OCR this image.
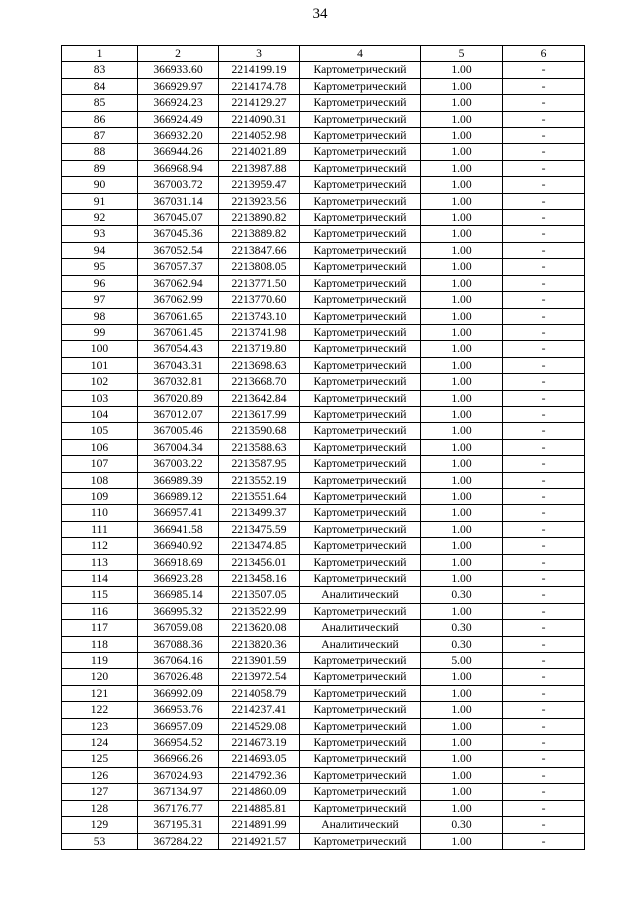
34
1	2	3	4	5	6
83	366933.60	2214199.19	Картометрический	1.00	-
84	366929.97	2214174.78	Картометрический	1.00	-
85	366924.23	2214129.27	Картометрический	1.00	-
86	366924.49	2214090.31	Картометрический	1.00	-
87	366932.20	2214052.98	Картометрический	1.00	-
88	366944.26	2214021.89	Картометрический	1.00	-
89	366968.94	2213987.88	Картометрический	1.00	-
90	367003.72	2213959.47	Картометрический	1.00	-
91	367031.14	2213923.56	Картометрический	1.00	-
92	367045.07	2213890.82	Картометрический	1.00	-
93	367045.36	2213889.82	Картометрический	1.00	-
94	367052.54	2213847.66	Картометрический	1.00	-
95	367057.37	2213808.05	Картометрический	1.00	-
96	367062.94	2213771.50	Картометрический	1.00	-
97	367062.99	2213770.60	Картометрический	1.00	-
98	367061.65	2213743.10	Картометрический	1.00	-
99	367061.45	2213741.98	Картометрический	1.00	-
100	367054.43	2213719.80	Картометрический	1.00	-
101	367043.31	2213698.63	Картометрический	1.00	-
102	367032.81	2213668.70	Картометрический	1.00	-
103	367020.89	2213642.84	Картометрический	1.00	-
104	367012.07	2213617.99	Картометрический	1.00	-
105	367005.46	2213590.68	Картометрический	1.00	-
106	367004.34	2213588.63	Картометрический	1.00	-
107	367003.22	2213587.95	Картометрический	1.00	-
108	366989.39	2213552.19	Картометрический	1.00	-
109	366989.12	2213551.64	Картометрический	1.00	-
110	366957.41	2213499.37	Картометрический	1.00	-
111	366941.58	2213475.59	Картометрический	1.00	-
112	366940.92	2213474.85	Картометрический	1.00	-
113	366918.69	2213456.01	Картометрический	1.00	-
114	366923.28	2213458.16	Картометрический	1.00	-
115	366985.14	2213507.05	Аналитический	0.30	-
116	366995.32	2213522.99	Картометрический	1.00	-
117	367059.08	2213620.08	Аналитический	0.30	-
118	367088.36	2213820.36	Аналитический	0.30	-
119	367064.16	2213901.59	Картометрический	5.00	-
120	367026.48	2213972.54	Картометрический	1.00	-
121	366992.09	2214058.79	Картометрический	1.00	-
122	366953.76	2214237.41	Картометрический	1.00	-
123	366957.09	2214529.08	Картометрический	1.00	-
124	366954.52	2214673.19	Картометрический	1.00	-
125	366966.26	2214693.05	Картометрический	1.00	-
126	367024.93	2214792.36	Картометрический	1.00	-
127	367134.97	2214860.09	Картометрический	1.00	-
128	367176.77	2214885.81	Картометрический	1.00	-
129	367195.31	2214891.99	Аналитический	0.30	-
53	367284.22	2214921.57	Картометрический	1.00	-
